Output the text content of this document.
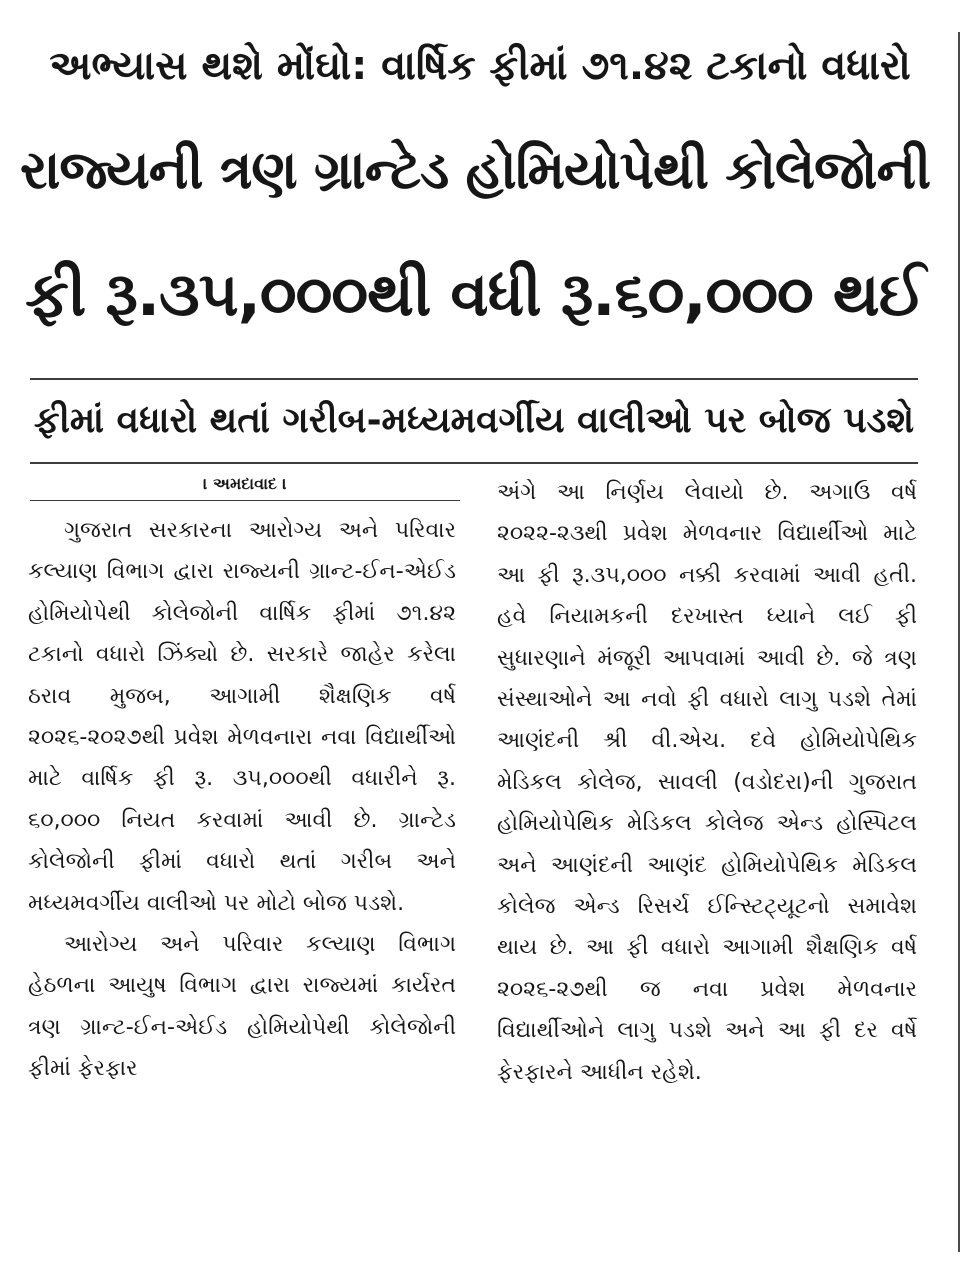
અભ્યાસ થશે મોંઘો: વાર્ષિક ફીમાં ૭૧.૪૨ ટકાનો વધારો
રાજ્યની ત્રણ ગ્રાન્ટેડ હોમિયોપેથી કોલેજોની
ફી રૂ.૩૫,૦૦૦થી વધી રૂ.૬૦,૦૦૦ થઈ
ફીમાં વધારો થતાં ગરીબ-મધ્યમવર્ગીય વાલીઓ પર બોજ પડશે
। અમદાવાદ ।

ગુજરાત સરકારના આરોગ્ય અને પરિવાર કલ્યાણ વિભાગ દ્વારા રાજ્યની ગ્રાન્ટ-ઈન-એઈડ હોમિયોપેથી કોલેજોની વાર્ષિક ફીમાં ૭૧.૪૨ ટકાનો વધારો ઝિંક્યો છે. સરકારે જાહેર કરેલા ઠરાવ મુજબ, આગામી શૈક્ષણિક વર્ષ ૨૦૨૬-૨૦૨૭થી પ્રવેશ મેળવનારા નવા વિદ્યાર્થીઓ માટે વાર્ષિક ફી રૂ. ૩૫,૦૦૦થી વધારીને રૂ. ૬૦,૦૦૦ નિયત કરવામાં આવી છે. ગ્રાન્ટેડ કોલેજોની ફીમાં વધારો થતાં ગરીબ અને મધ્યમવર્ગીય વાલીઓ પર મોટો બોજ પડશે.

આરોગ્ય અને પરિવાર કલ્યાણ વિભાગ હેઠળના આયુષ વિભાગ દ્વારા રાજ્યમાં કાર્યરત ત્રણ ગ્રાન્ટ-ઈન-એઈડ હોમિયોપેથી કોલેજોની ફીમાં ફેરફાર

અંગે આ નિર્ણય લેવાયો છે. અગાઉ વર્ષ ૨૦૨૨-૨૩થી પ્રવેશ મેળવનાર વિદ્યાર્થીઓ માટે આ ફી રૂ.૩૫,૦૦૦ નક્કી કરવામાં આવી હતી. હવે નિયામકની દરખાસ્ત ધ્યાને લઈ ફી સુધારણાને મંજૂરી આપવામાં આવી છે. જે ત્રણ સંસ્થાઓને આ નવો ફી વધારો લાગુ પડશે તેમાં આણંદની શ્રી વી.એચ. દવે હોમિયોપેથિક મેડિકલ કોલેજ, સાવલી (વડોદરા)ની ગુજરાત હોમિયોપેથિક મેડિકલ કોલેજ એન્ડ હોસ્પિટલ અને આણંદની આણંદ હોમિયોપેથિક મેડિકલ કોલેજ એન્ડ રિસર્ચ ઈન્સ્ટિટ્યૂટનો સમાવેશ થાય છે. આ ફી વધારો આગામી શૈક્ષણિક વર્ષ ૨૦૨૬-૨૭થી જ નવા પ્રવેશ મેળવનાર વિદ્યાર્થીઓને લાગુ પડશે અને આ ફી દર વર્ષે ફેરફારને આધીન રહેશે.
